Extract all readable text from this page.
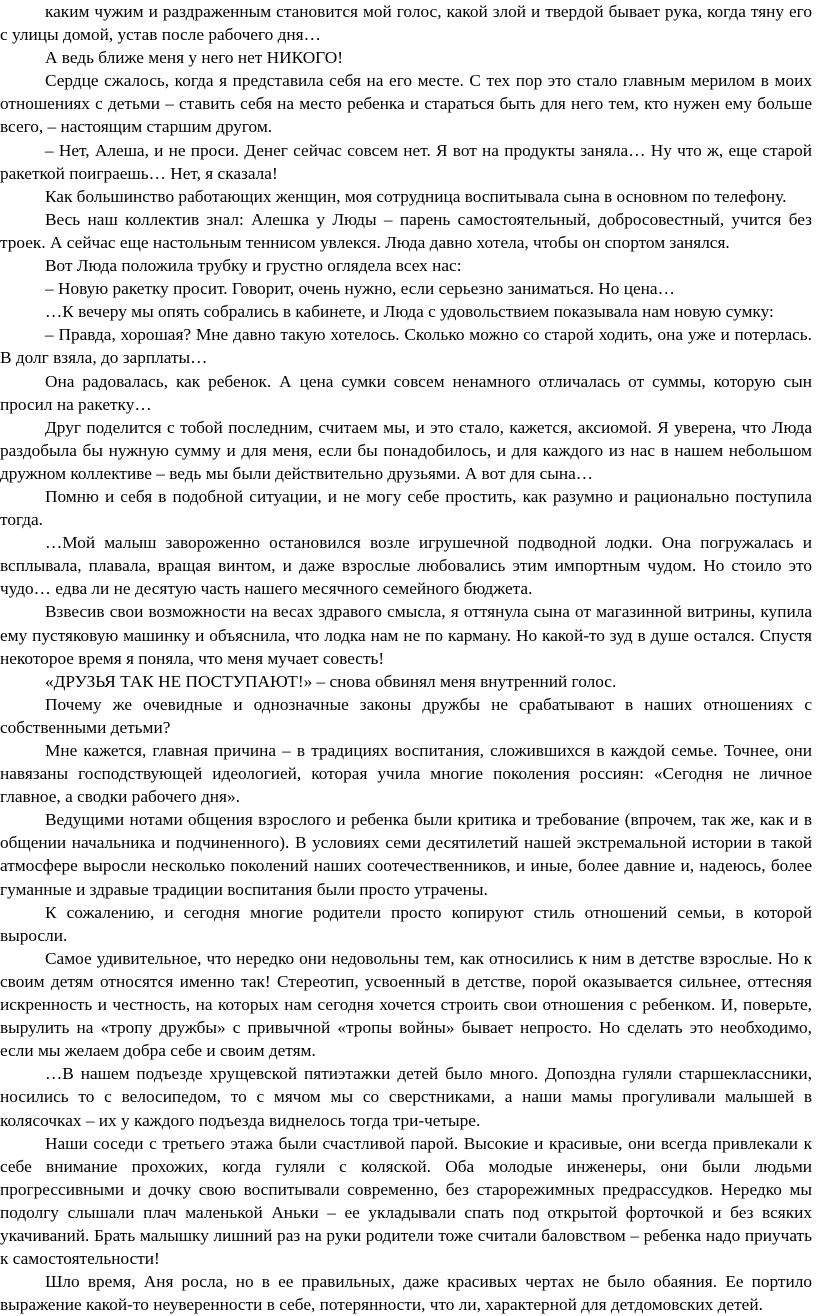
каким чужим и раздраженным становится мой голос, какой злой и твердой бывает рука, когда тяну его с улицы домой, устав после рабочего дня…

А ведь ближе меня у него нет НИКОГО!

Сердце сжалось, когда я представила себя на его месте. С тех пор это стало главным мерилом в моих отношениях с детьми – ставить себя на место ребенка и стараться быть для него тем, кто нужен ему больше всего, – настоящим старшим другом.

– Нет, Алеша, и не проси. Денег сейчас совсем нет. Я вот на продукты заняла… Ну что ж, еще старой ракеткой поиграешь… Нет, я сказала!

Как большинство работающих женщин, моя сотрудница воспитывала сына в основном по телефону.

Весь наш коллектив знал: Алешка у Люды – парень самостоятельный, добросовестный, учится без троек. А сейчас еще настольным теннисом увлекся. Люда давно хотела, чтобы он спортом занялся.

Вот Люда положила трубку и грустно оглядела всех нас:

– Новую ракетку просит. Говорит, очень нужно, если серьезно заниматься. Но цена…

…К вечеру мы опять собрались в кабинете, и Люда с удовольствием показывала нам новую сумку:

– Правда, хорошая? Мне давно такую хотелось. Сколько можно со старой ходить, она уже и потерлась. В долг взяла, до зарплаты…

Она радовалась, как ребенок. А цена сумки совсем ненамного отличалась от суммы, которую сын просил на ракетку…

Друг поделится с тобой последним, считаем мы, и это стало, кажется, аксиомой. Я уверена, что Люда раздобыла бы нужную сумму и для меня, если бы понадобилось, и для каждого из нас в нашем небольшом дружном коллективе – ведь мы были действительно друзьями. А вот для сына…

Помню и себя в подобной ситуации, и не могу себе простить, как разумно и рационально поступила тогда.

…Мой малыш завороженно остановился возле игрушечной подводной лодки. Она погружалась и всплывала, плавала, вращая винтом, и даже взрослые любовались этим импортным чудом. Но стоило это чудо… едва ли не десятую часть нашего месячного семейного бюджета.

Взвесив свои возможности на весах здравого смысла, я оттянула сына от магазинной витрины, купила ему пустяковую машинку и объяснила, что лодка нам не по карману. Но какой-то зуд в душе остался. Спустя некоторое время я поняла, что меня мучает совесть!

«ДРУЗЬЯ ТАК НЕ ПОСТУПАЮТ!» – снова обвинял меня внутренний голос.

Почему же очевидные и однозначные законы дружбы не срабатывают в наших отношениях с собственными детьми?

Мне кажется, главная причина – в традициях воспитания, сложившихся в каждой семье. Точнее, они навязаны господствующей идеологией, которая учила многие поколения россиян: «Сегодня не личное главное, а сводки рабочего дня».

Ведущими нотами общения взрослого и ребенка были критика и требование (впрочем, так же, как и в общении начальника и подчиненного). В условиях семи десятилетий нашей экстремальной истории в такой атмосфере выросли несколько поколений наших соотечественников, и иные, более давние и, надеюсь, более гуманные и здравые традиции воспитания были просто утрачены.

К сожалению, и сегодня многие родители просто копируют стиль отношений семьи, в которой выросли.

Самое удивительное, что нередко они недовольны тем, как относились к ним в детстве взрослые. Но к своим детям относятся именно так! Стереотип, усвоенный в детстве, порой оказывается сильнее, оттесняя искренность и честность, на которых нам сегодня хочется строить свои отношения с ребенком. И, поверьте, вырулить на «тропу дружбы» с привычной «тропы войны» бывает непросто. Но сделать это необходимо, если мы желаем добра себе и своим детям.

…В нашем подъезде хрущевской пятиэтажки детей было много. Допоздна гуляли старшеклассники, носились то с велосипедом, то с мячом мы со сверстниками, а наши мамы прогуливали малышей в колясочках – их у каждого подъезда виднелось тогда три-четыре.

Наши соседи с третьего этажа были счастливой парой. Высокие и красивые, они всегда привлекали к себе внимание прохожих, когда гуляли с коляской. Оба молодые инженеры, они были людьми прогрессивными и дочку свою воспитывали современно, без старорежимных предрассудков. Нередко мы подолгу слышали плач маленькой Аньки – ее укладывали спать под открытой форточкой и без всяких укачиваний. Брать малышку лишний раз на руки родители тоже считали баловством – ребенка надо приучать к самостоятельности!

Шло время, Аня росла, но в ее правильных, даже красивых чертах не было обаяния. Ее портило выражение какой-то неуверенности в себе, потерянности, что ли, характерной для детдомовских детей.
